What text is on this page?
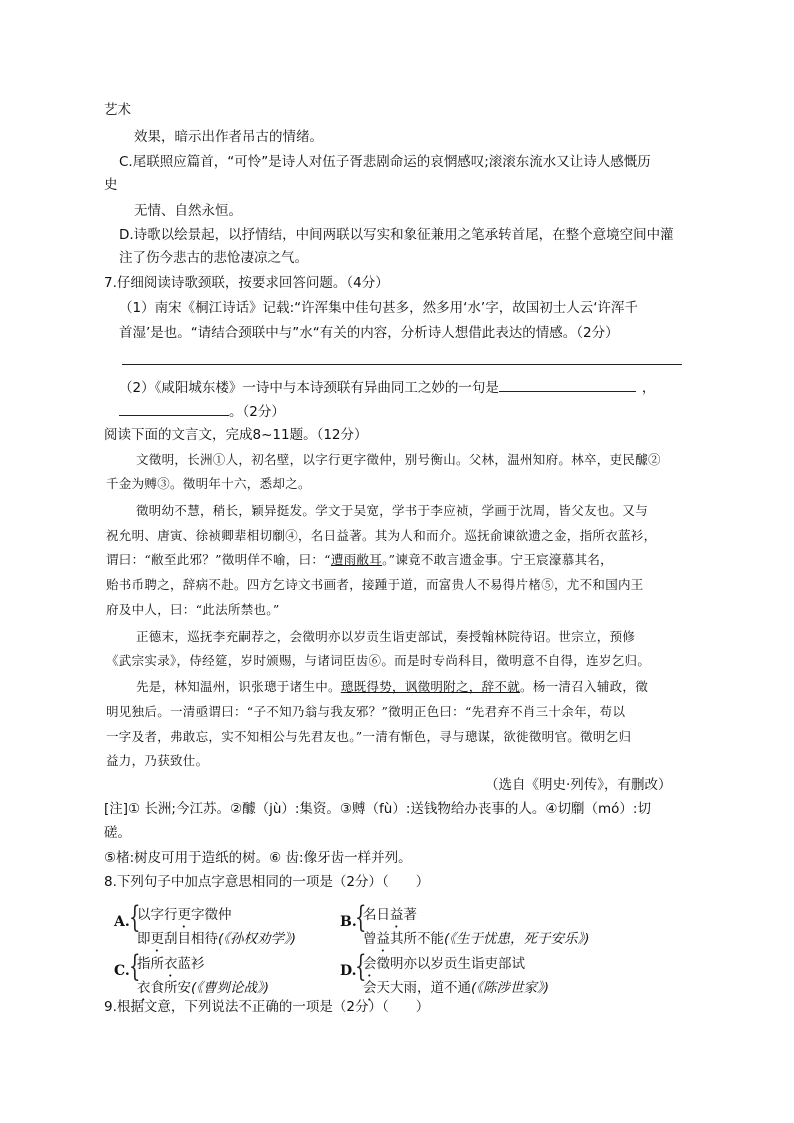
艺术
效果，暗示出作者吊古的情绪。
C.尾联照应篇首，“可怜”是诗人对伍子胥悲剧命运的哀惘感叹;滚滚东流水又让诗人感慨历
史
无情、自然永恒。
D.诗歌以绘景起，以抒情结，中间两联以写实和象征兼用之笔承转首尾，在整个意境空间中灌
注了伤今悲古的悲怆凄凉之气。
7.仔细阅读诗歌颈联，按要求回答问题。（4分）
（1）南宋《桐江诗话》记载:“许浑集中佳句甚多，然多用‘水’字，故国初士人云‘许浑千
首湿’是也。“请结合颈联中与”水“有关的内容，分析诗人想借此表达的情感。（2分）
（2）《咸阳城东楼》一诗中与本诗颈联有异曲同工之妙的一句是	，
。（2分）
阅读下面的文言文，完成8~11题。（12分）
文徵明，长洲①人，初名壁，以字行更字徵仲，别号衡山。父林，温州知府。林卒，吏民醵②
千金为赙③。徵明年十六，悉却之。
徵明幼不慧，稍长，颖异挺发。学文于吴宽，学书于李应祯，学画于沈周，皆父友也。又与
祝允明、唐寅、徐祯卿辈相切劘④，名日益著。其为人和而介。巡抚俞谏欲遗之金，指所衣蓝衫，
谓曰：“敝至此邪？”徵明佯不喻，曰：“遭雨敝耳。”谏竟不敢言遗金事。宁王宸濠慕其名，
贻书币聘之，辞病不赴。四方乞诗文书画者，接踵于道，而富贵人不易得片楮⑤，尤不和国内王
府及中人，曰：“此法所禁也。”
正德末，巡抚李充嗣荐之，会徵明亦以岁贡生诣吏部试，奏授翰林院待诏。世宗立，预修
《武宗实录》，侍经筵，岁时颁赐，与诸词臣齿⑥。而是时专尚科目，徵明意不自得，连岁乞归。
先是，林知温州，识张璁于诸生中。璁既得势，讽徵明附之，辞不就。杨一清召入辅政，徵
明见独后。一清亟谓曰：“子不知乃翁与我友邪？”徵明正色曰：“先君弃不肖三十余年，苟以
一字及者，弗敢忘，实不知相公与先君友也。”一清有惭色，寻与璁谋，欲徙徵明官。徵明乞归
益力，乃获致仕。
（选自《明史·列传》，有删改）
[注]① 长洲;今江苏。②醵（jù）:集资。③赙（fù）:送钱物给办丧事的人。④切劘（mó）:切
磋。
⑤楮:树皮可用于造纸的树。⑥ 齿:像牙齿一样并列。
8.下列句子中加点字意思相同的一项是（2分）（　　）
A. {
以字行更字徵仲
即更刮目相待(《孙权劝学》)
B.
{
名日益著
曾益其所不能(《生于忧患，死于安乐》)
C. {
指所衣蓝衫
衣食所安(《曹刿论战》)
D.
{
会徵明亦以岁贡生诣吏部试
会天大雨，道不通(《陈涉世家》)
9.根据文意，下列说法不正确的一项是（2分）（　　）
